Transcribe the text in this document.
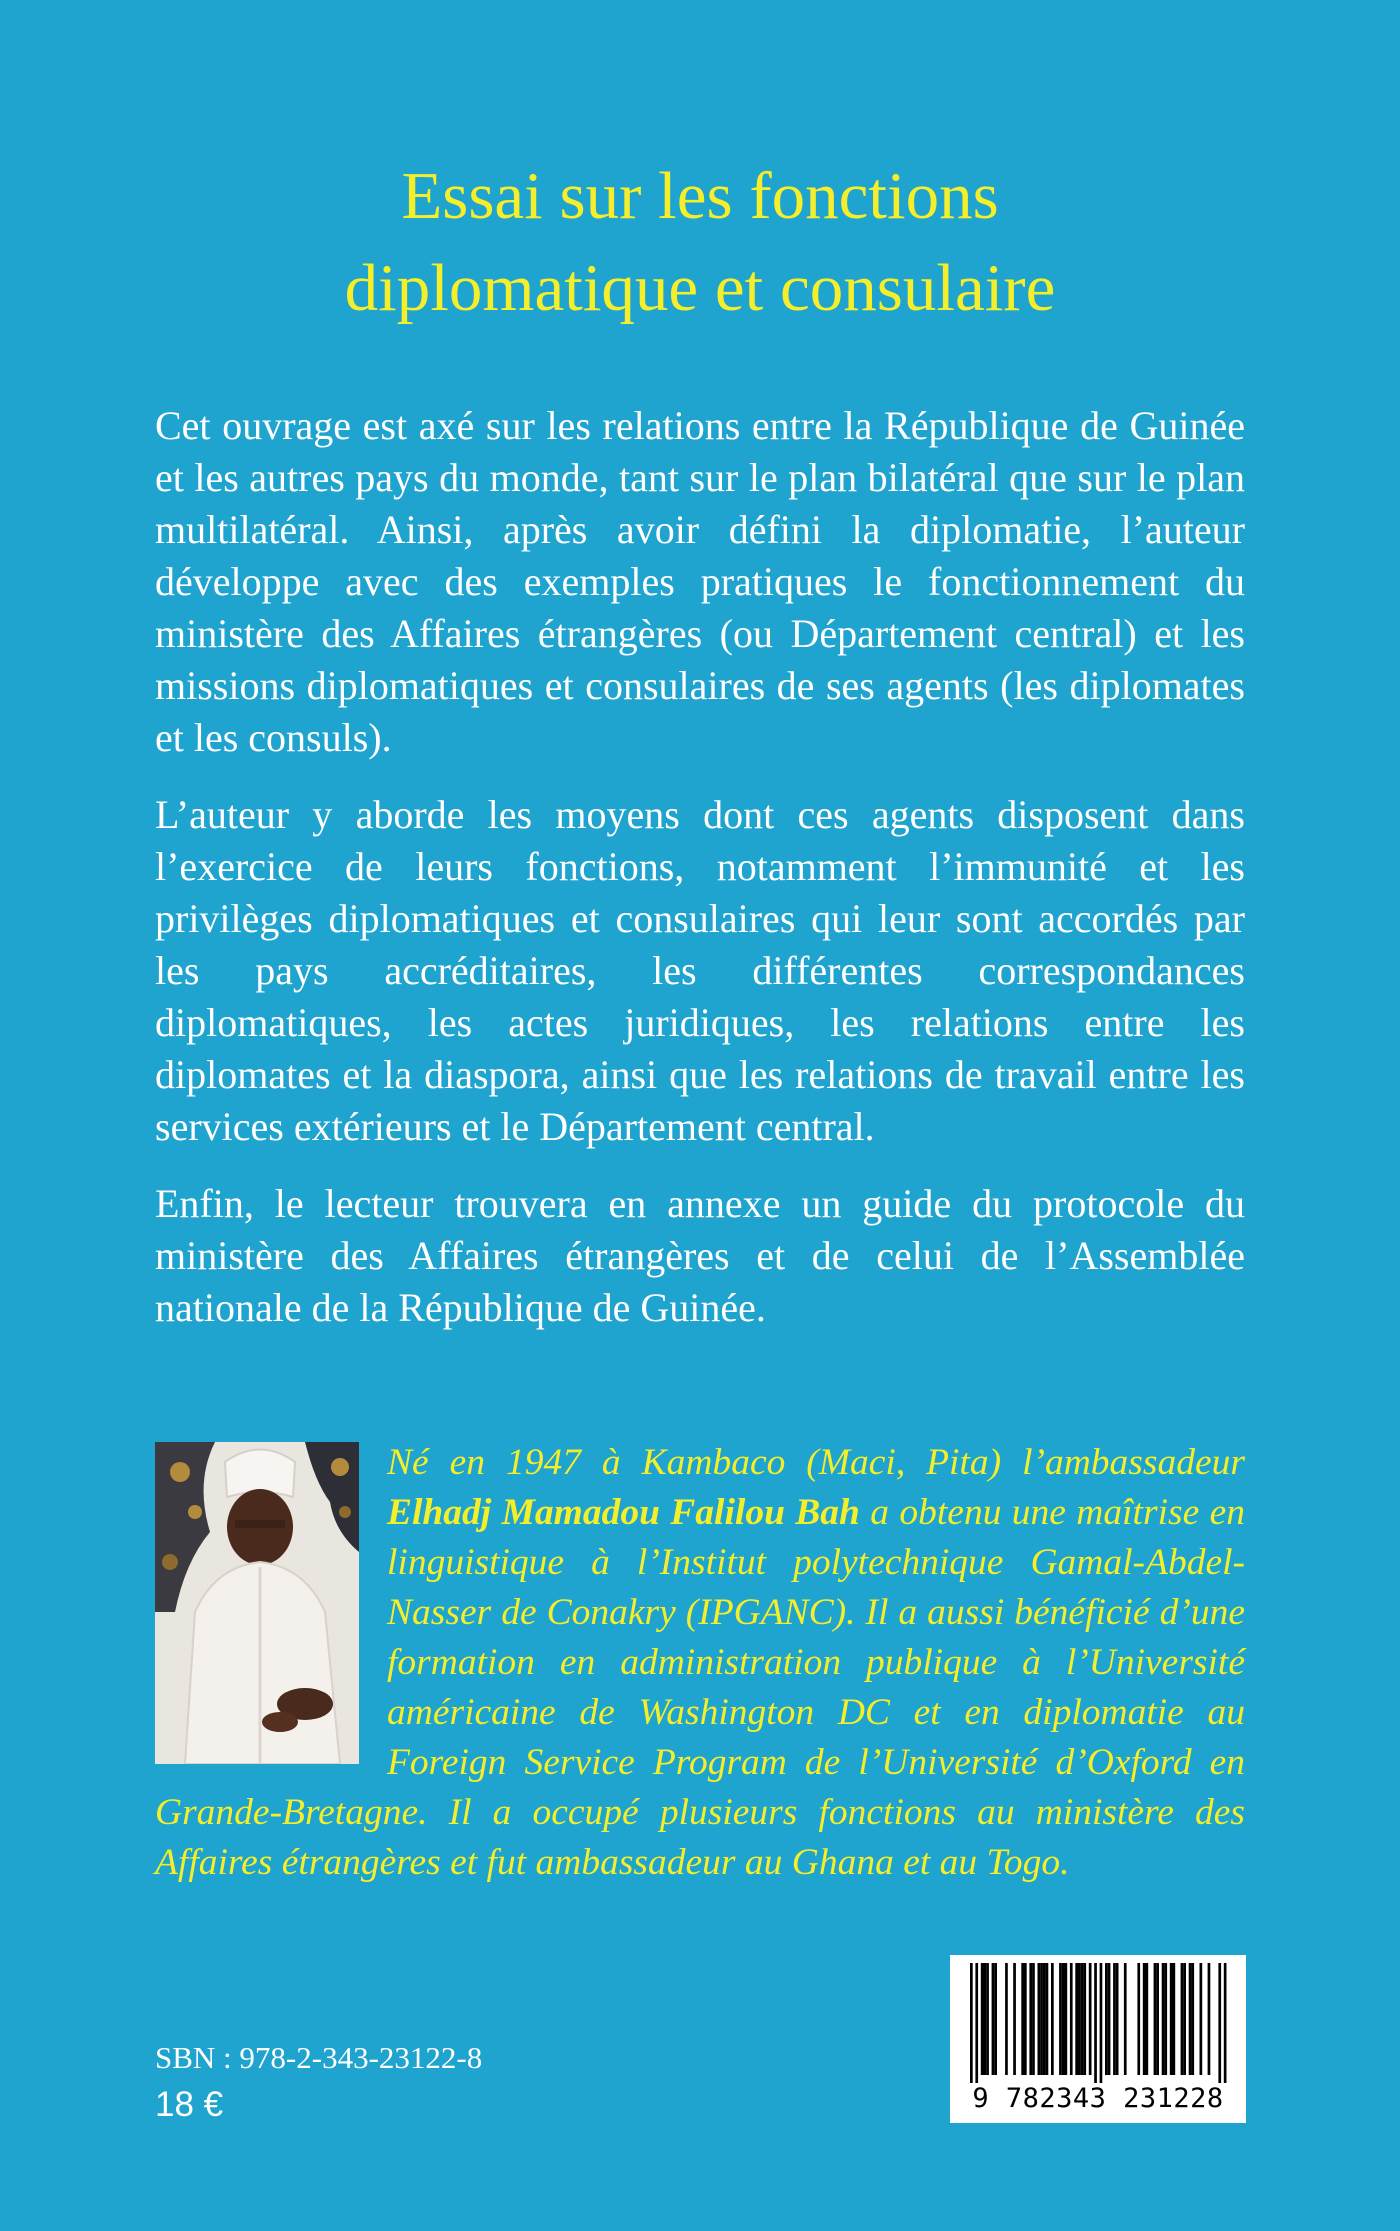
Essai sur les fonctions
diplomatique et consulaire

Cet ouvrage est axé sur les relations entre la République de Guinée et les autres pays du monde, tant sur le plan bilatéral que sur le plan multilatéral. Ainsi, après avoir défini la diplomatie, l’auteur développe avec des exemples pratiques le fonctionnement du ministère des Affaires étrangères (ou Département central) et les missions diplomatiques et consulaires de ses agents (les diplomates et les consuls).

L’auteur y aborde les moyens dont ces agents disposent dans l’exercice de leurs fonctions, notamment l’immunité et les privilèges diplomatiques et consulaires qui leur sont accordés par les pays accréditaires, les différentes correspondances diplomatiques, les actes juridiques, les relations entre les diplomates et la diaspora, ainsi que les relations de travail entre les services extérieurs et le Département central.

Enfin, le lecteur trouvera en annexe un guide du protocole du ministère des Affaires étrangères et de celui de l’Assemblée nationale de la République de Guinée.

Né en 1947 à Kambaco (Maci, Pita) l’ambassadeur Elhadj Mamadou Falilou Bah a obtenu une maîtrise en linguistique à l’Institut polytechnique Gamal-Abdel-Nasser de Conakry (IPGANC). Il a aussi bénéficié d’une formation en administration publique à l’Université américaine de Washington DC et en diplomatie au Foreign Service Program de l’Université d’Oxford en Grande-Bretagne. Il a occupé plusieurs fonctions au ministère des Affaires étrangères et fut ambassadeur au Ghana et au Togo.
SBN : 978-2-343-23122-8
18 €	9 782343 231228
